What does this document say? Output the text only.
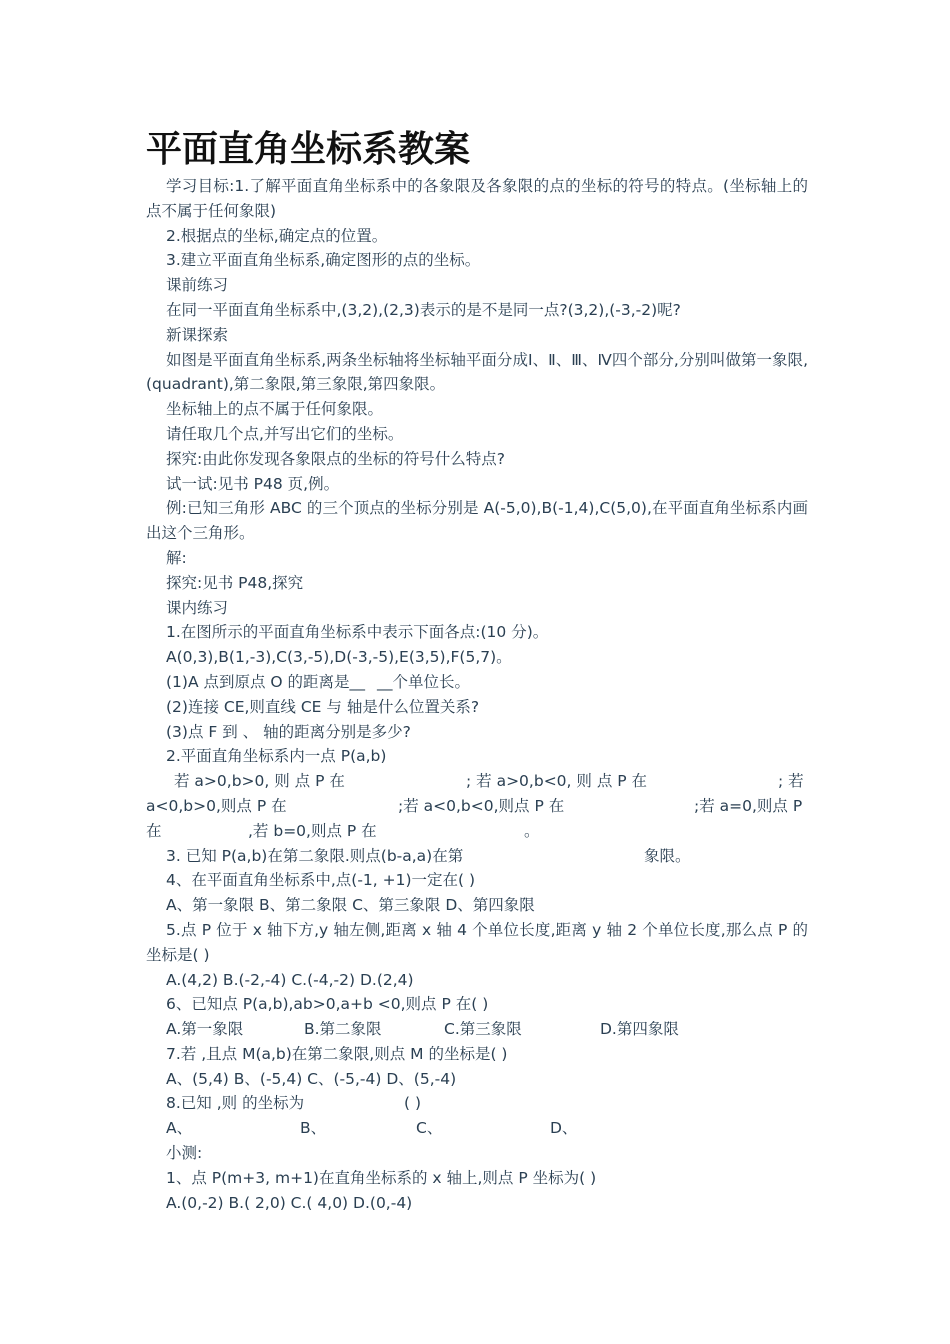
平面直角坐标系教案

学习目标:1.了解平面直角坐标系中的各象限及各象限的点的坐标的符号的特点。(坐标轴上的点不属于任何象限)

2.根据点的坐标,确定点的位置。

3.建立平面直角坐标系,确定图形的点的坐标。

课前练习

在同一平面直角坐标系中,(3,2),(2,3)表示的是不是同一点?(3,2),(-3,-2)呢?

新课探索

如图是平面直角坐标系,两条坐标轴将坐标轴平面分成Ⅰ、Ⅱ、Ⅲ、Ⅳ四个部分,分别叫做第一象限,(quadrant),第二象限,第三象限,第四象限。

坐标轴上的点不属于任何象限。

请任取几个点,并写出它们的坐标。

探究:由此你发现各象限点的坐标的符号什么特点?

试一试:见书 P48 页,例。

例:已知三角形 ABC 的三个顶点的坐标分别是 A(-5,0),B(-1,4),C(5,0),在平面直角坐标系内画出这个三角形。

解:

探究:见书 P48,探究

课内练习

1.在图所示的平面直角坐标系中表示下面各点:(10 分)。

A(0,3),B(1,-3),C(3,-5),D(-3,-5),E(3,5),F(5,7)。

(1)A 点到原点 O 的距离是__ __个单位长。

(2)连接 CE,则直线 CE 与 轴是什么位置关系?

(3)点 F 到 、 轴的距离分别是多少?

2.平面直角坐标系内一点 P(a,b)

若 a>0,b>0, 则 点 P 在	; 若 a>0,b<0, 则 点 P 在	; 若
a<0,b>0,则点 P 在	;若 a<0,b<0,则点 P 在	;若 a=0,则点 P
在	,若 b=0,则点 P 在	。
3. 已知 P(a,b)在第二象限.则点(b-a,a)在第	象限。

4、在平面直角坐标系中,点(-1, +1)一定在( )

A、第一象限 B、第二象限 C、第三象限 D、第四象限

5.点 P 位于 x 轴下方,y 轴左侧,距离 x 轴 4 个单位长度,距离 y 轴 2 个单位长度,那么点 P 的坐标是( )

A.(4,2) B.(-2,-4) C.(-4,-2) D.(2,4)

6、已知点 P(a,b),ab>0,a+b <0,则点 P 在( )

A.第一象限	B.第二象限	C.第三象限	D.第四象限

7.若 ,且点 M(a,b)在第二象限,则点 M 的坐标是( )

A、(5,4) B、(-5,4) C、(-5,-4) D、(5,-4)

8.已知 ,则 的坐标为	( )
A、	B、	C、	D、

小测:

1、点 P(m+3, m+1)在直角坐标系的 x 轴上,则点 P 坐标为( )

A.(0,-2) B.( 2,0) C.( 4,0) D.(0,-4)
